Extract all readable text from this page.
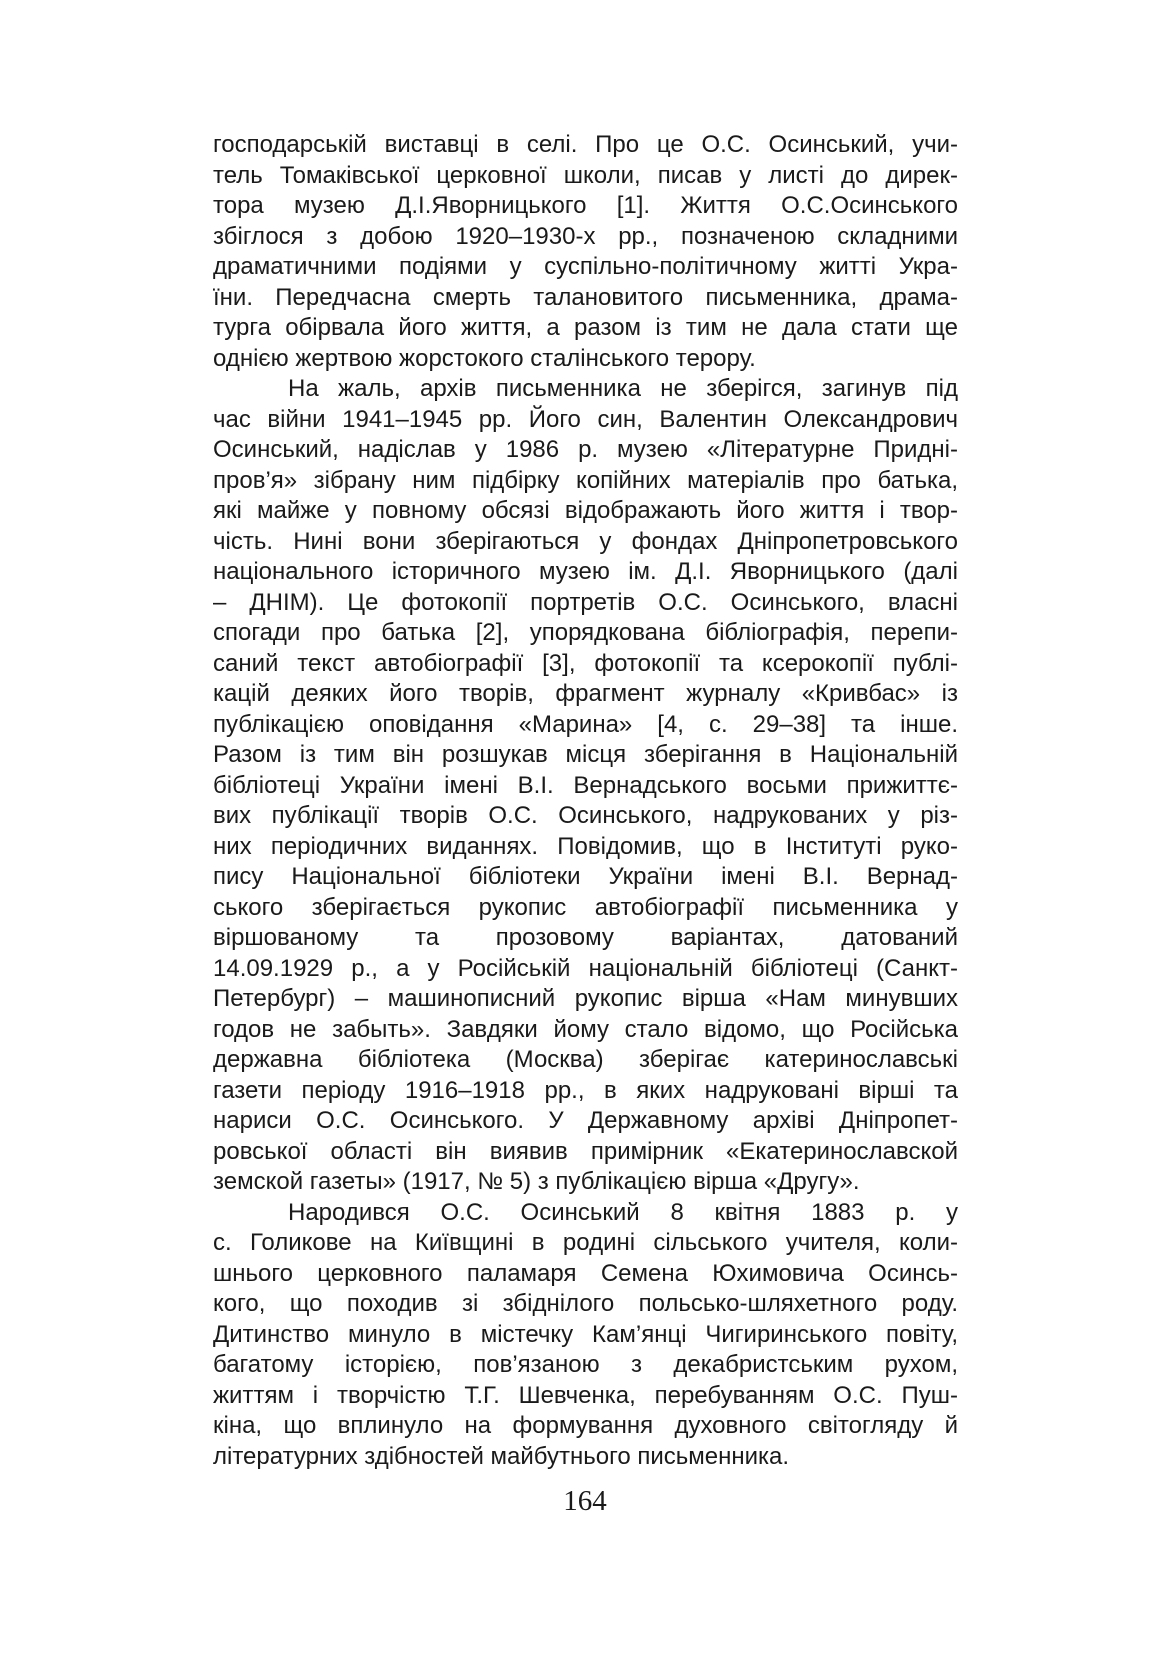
господарській виставці в селі. Про це О.С. Осинський, учи-
тель Томаківської церковної школи, писав у листі до дирек-
тора музею Д.І.Яворницького [1]. Життя О.С.Осинського
збіглося з добою 1920–1930-х рр., позначеною складними
драматичними подіями у суспільно-політичному житті Укра-
їни. Передчасна смерть талановитого письменника, драма-
турга обірвала його життя, а разом із тим не дала стати ще
однією жертвою жорстокого сталінського терору.
На жаль, архів письменника не зберігся, загинув під
час війни 1941–1945 рр. Його син, Валентин Олександрович
Осинський, надіслав у 1986 р. музею «Літературне Придні-
пров’я» зібрану ним підбірку копійних матеріалів про батька,
які майже у повному обсязі відображають його життя і твор-
чість. Нині вони зберігаються у фондах Дніпропетровського
національного історичного музею ім. Д.І. Яворницького (далі
– ДНІМ). Це фотокопії портретів О.С. Осинського, власні
спогади про батька [2], упорядкована бібліографія, перепи-
саний текст автобіографії [3], фотокопії та ксерокопії публі-
кацій деяких його творів, фрагмент журналу «Кривбас» із
публікацією оповідання «Марина» [4, с. 29–38] та інше.
Разом із тим він розшукав місця зберігання в Національній
бібліотеці України імені В.І. Вернадського восьми прижиттє-
вих публікації творів О.С. Осинського, надрукованих у різ-
них періодичних виданнях. Повідомив, що в Інституті руко-
пису Національної бібліотеки України імені В.І. Вернад-
ського зберігається рукопис автобіографії письменника у
віршованому та прозовому варіантах, датований
14.09.1929 р., а у Російській національній бібліотеці (Санкт-
Петербург) – машинописний рукопис вірша «Нам минувших
годов не забыть». Завдяки йому стало відомо, що Російська
державна бібліотека (Москва) зберігає катеринославські
газети періоду 1916–1918 рр., в яких надруковані вірші та
нариси О.С. Осинського. У Державному архіві Дніпропет-
ровської області він виявив примірник «Екатеринославской
земской газеты» (1917, № 5) з публікацією вірша «Другу».
Народився О.С. Осинський 8 квітня 1883 р. у
с. Голикове на Київщині в родині сільського учителя, коли-
шнього церковного паламаря Семена Юхимовича Осинсь-
кого, що походив зі збіднілого польсько-шляхетного роду.
Дитинство минуло в містечку Кам’янці Чигиринського повіту,
багатому історією, пов’язаною з декабристським рухом,
життям і творчістю Т.Г. Шевченка, перебуванням О.С. Пуш-
кіна, що вплинуло на формування духовного світогляду й
літературних здібностей майбутнього письменника.
164
